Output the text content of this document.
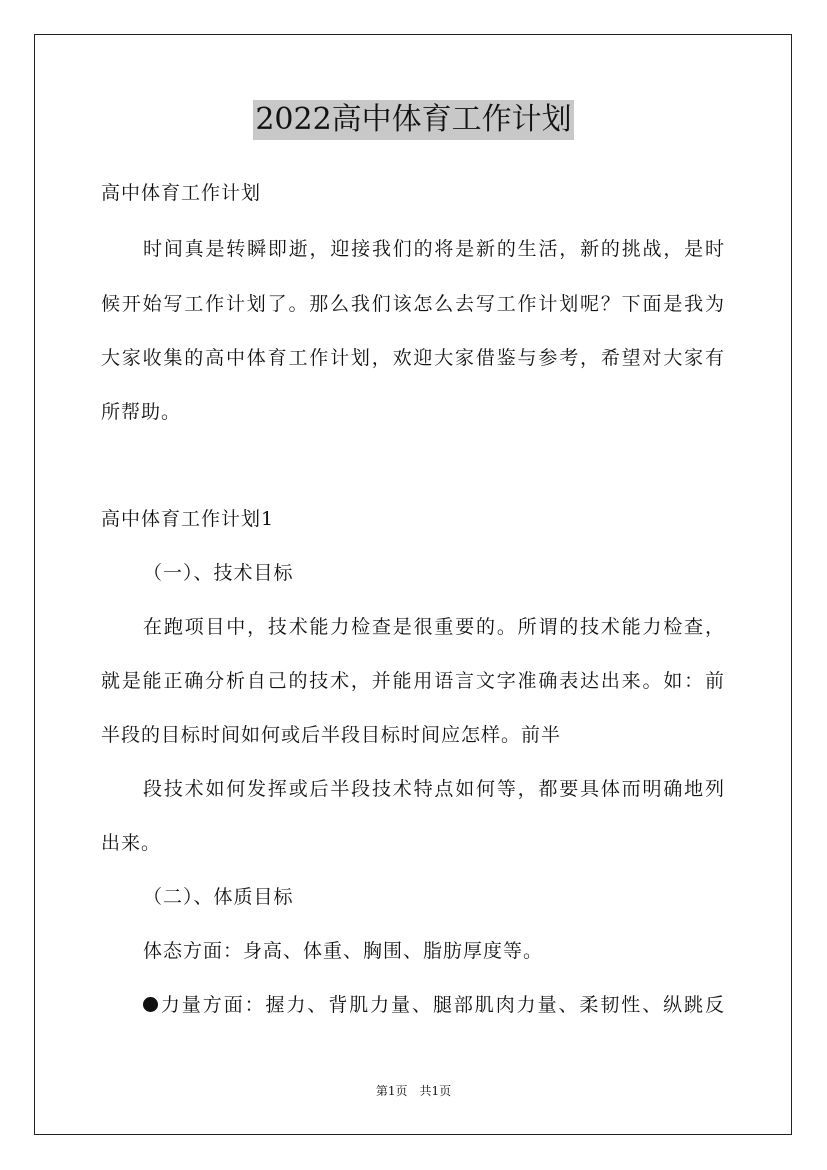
2022高中体育工作计划
高中体育工作计划
时间真是转瞬即逝，迎接我们的将是新的生活，新的挑战，是时
候开始写工作计划了。那么我们该怎么去写工作计划呢？下面是我为
大家收集的高中体育工作计划，欢迎大家借鉴与参考，希望对大家有
所帮助。
高中体育工作计划1
（一）、技术目标
在跑项目中，技术能力检查是很重要的。所谓的技术能力检查，
就是能正确分析自己的技术，并能用语言文字准确表达出来。如：前
半段的目标时间如何或后半段目标时间应怎样。前半
段技术如何发挥或后半段技术特点如何等，都要具体而明确地列
出来。
（二）、体质目标
体态方面：身高、体重、胸围、脂肪厚度等。
力量方面：握力、背肌力量、腿部肌肉力量、柔韧性、纵跳反
第1页　共1页
